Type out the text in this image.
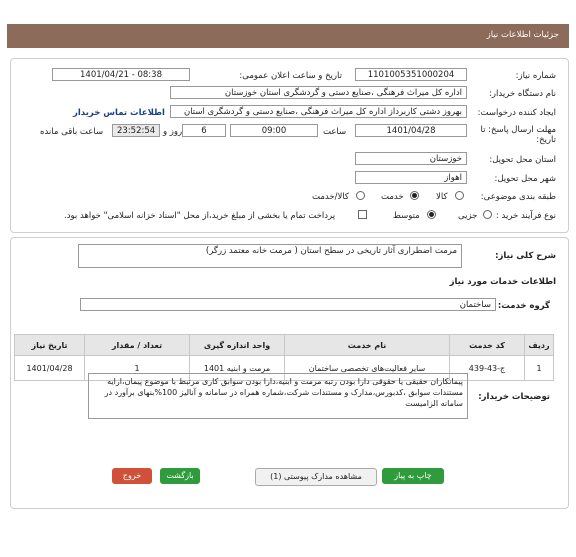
جزئیات اطلاعات نیاز
شماره نیاز:
1101005351000204
تاریخ و ساعت اعلان عمومی:
1401/04/21 - 08:38
نام دستگاه خریدار:
اداره کل میراث فرهنگی ،صنایع دستی و گردشگری استان خوزستان
ایجاد کننده درخواست:
بهروز دشتی کاربرداز اداره کل میراث فرهنگی ،صنایع دستی و گردشگری استان
اطلاعات تماس خریدار
مهلت ارسال پاسخ: تا تاریخ:
1401/04/28
ساعت
09:00
6
روز و
23:52:54
ساعت باقی مانده
استان محل تحویل:
خوزستان
شهر محل تحویل:
اهواز
طبقه بندی موضوعی:
کالا
خدمت
کالا/خدمت
نوع فرآیند خرید :
جزیی
متوسط
پرداخت تمام یا بخشی از مبلغ خرید،از محل "اسناد خزانه اسلامی" خواهد بود.
شرح کلی نیاز:
مرمت اضطراری آثار تاریخی در سطح استان ( مرمت خانه معتمد زرگر)
اطلاعات خدمات مورد نیاز
گروه خدمت:
ساختمان
ردیف	کد خدمت	نام خدمت	واحد اندازه گیری	تعداد / مقدار	تاریخ نیاز
1	ج-43-439	سایر فعالیت‌های تخصصی ساختمان	مرمت و ابنیه 1401	1	1401/04/28
توضیحات خریدار:
پیمانکاران حقیقی یا حقوقی دارا بودن رتبه مرمت و ابنیه،دارا بودن سوابق کاری مرتبط با موضوع پیمان،ارایه مستندات سوابق ،کدبورس،مدارک و مستندات شرکت،شماره همراه در سامانه و آنالیز 100%بنهای برآورد در سامانه الزامیست
چاپ به پیاز
مشاهده مدارک پیوستی (1)
بازگشت
خروج
